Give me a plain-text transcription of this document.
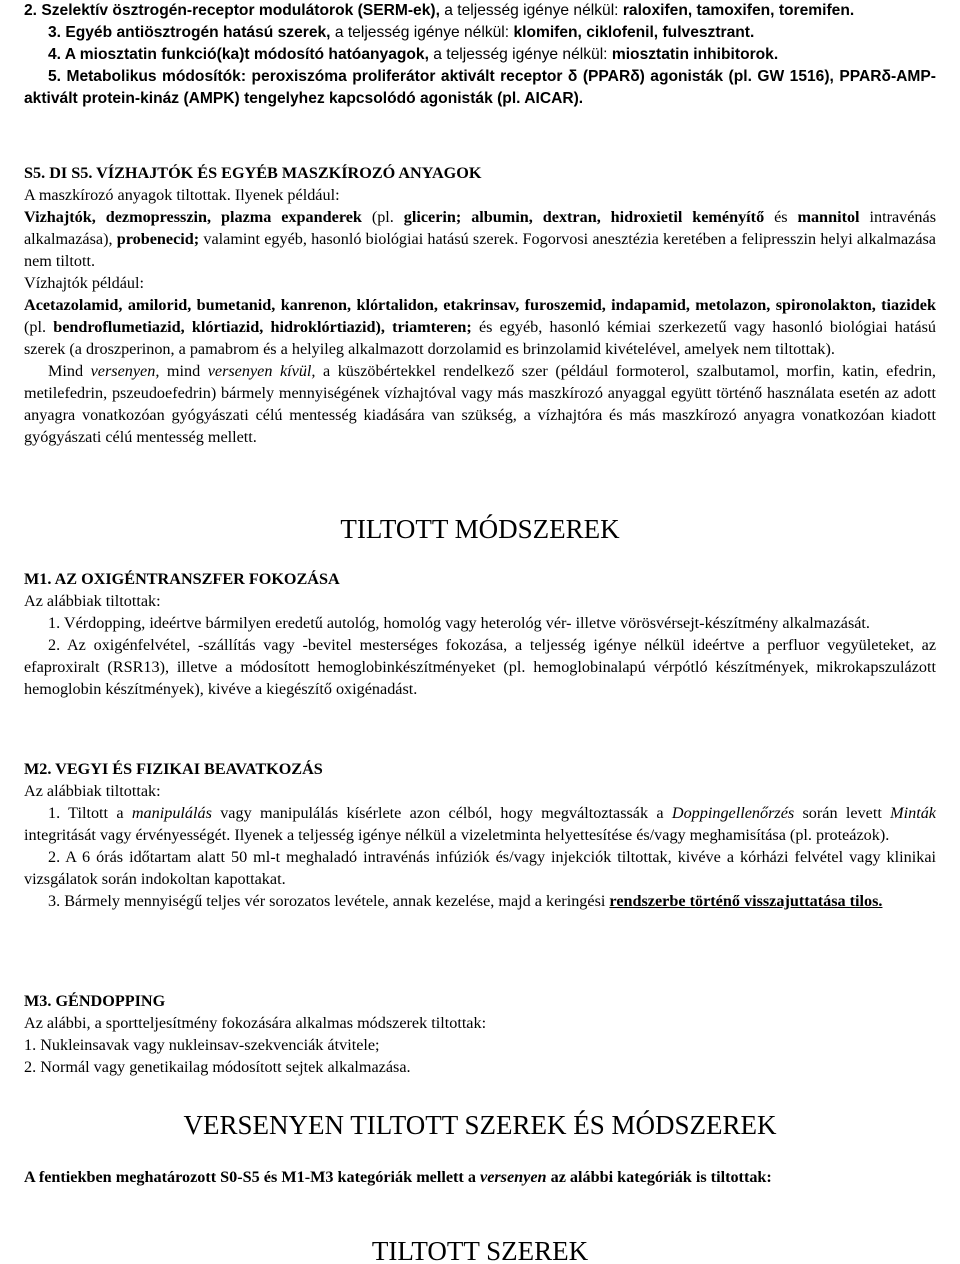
2. Szelektív ösztrogén-receptor modulátorok (SERM-ek), a teljesség igénye nélkül: raloxifen, tamoxifen, toremifen.

3. Egyéb antiösztrogén hatású szerek, a teljesség igénye nélkül: klomifen, ciklofenil, fulvesztrant.

4. A miosztatin funkció(ka)t módosító hatóanyagok, a teljesség igénye nélkül: miosztatin inhibitorok.

5. Metabolikus módosítók: peroxiszóma proliferátor aktivált receptor δ (PPARδ) agonisták (pl. GW 1516), PPARδ-AMP-aktivált protein-kináz (AMPK) tengelyhez kapcsolódó agonisták (pl. AICAR).

S5. DI S5. VÍZHAJTÓK ÉS EGYÉB MASZKÍROZÓ ANYAGOK

A maszkírozó anyagok tiltottak. Ilyenek például:

Vizhajtók, dezmopresszin, plazma expanderek (pl. glicerin; albumin, dextran, hidroxietil keményítő és mannitol intravénás alkalmazása), probenecid; valamint egyéb, hasonló biológiai hatású szerek. Fogorvosi anesztézia keretében a felipresszin helyi alkalmazása nem tiltott.

Vízhajtók például:

Acetazolamid, amilorid, bumetanid, kanrenon, klórtalidon, etakrinsav, furoszemid, indapamid, metolazon, spironolakton, tiazidek (pl. bendroflumetiazid, klórtiazid, hidroklórtiazid), triamteren; és egyéb, hasonló kémiai szerkezetű vagy hasonló biológiai hatású szerek (a droszperinon, a pamabrom és a helyileg alkalmazott dorzolamid es brinzolamid kivételével, amelyek nem tiltottak).

Mind versenyen, mind versenyen kívül, a küszöbértekkel rendelkező szer (például formoterol, szalbutamol, morfin, katin, efedrin, metilefedrin, pszeudoefedrin) bármely mennyiségének vízhajtóval vagy más maszkírozó anyaggal együtt történő használata esetén az adott anyagra vonatkozóan gyógyászati célú mentesség kiadására van szükség, a vízhajtóra és más maszkírozó anyagra vonatkozóan kiadott gyógyászati célú mentesség mellett.

TILTOTT MÓDSZEREK

M1. AZ OXIGÉNTRANSZFER FOKOZÁSA

Az alábbiak tiltottak:

1. Vérdopping, ideértve bármilyen eredetű autológ, homológ vagy heterológ vér- illetve vörösvérsejt-készítmény alkalmazását.

2. Az oxigénfelvétel, -szállítás vagy -bevitel mesterséges fokozása, a teljesség igénye nélkül ideértve a perfluor vegyületeket, az efaproxiralt (RSR13), illetve a módosított hemoglobinkészítményeket (pl. hemoglobinalapú vérpótló készítmények, mikrokapszulázott hemoglobin készítmények), kivéve a kiegészítő oxigénadást.

M2. VEGYI ÉS FIZIKAI BEAVATKOZÁS

Az alábbiak tiltottak:

1. Tiltott a manipulálás vagy manipulálás kísérlete azon célból, hogy megváltoztassák a Doppingellenőrzés során levett Minták integritását vagy érvényességét. Ilyenek a teljesség igénye nélkül a vizeletminta helyettesítése és/vagy meghamisítása (pl. proteázok).

2. A 6 órás időtartam alatt 50 ml-t meghaladó intravénás infúziók és/vagy injekciók tiltottak, kivéve a kórházi felvétel vagy klinikai vizsgálatok során indokoltan kapottakat.

3. Bármely mennyiségű teljes vér sorozatos levétele, annak kezelése, majd a keringési rendszerbe történő visszajuttatása tilos.

M3. GÉNDOPPING

Az alábbi, a sportteljesítmény fokozására alkalmas módszerek tiltottak:

1. Nukleinsavak vagy nukleinsav-szekvenciák átvitele;

2. Normál vagy genetikailag módosított sejtek alkalmazása.

VERSENYEN TILTOTT SZEREK ÉS MÓDSZEREK

A fentiekben meghatározott S0-S5 és M1-M3 kategóriák mellett a versenyen az alábbi kategóriák is tiltottak:

TILTOTT SZEREK
